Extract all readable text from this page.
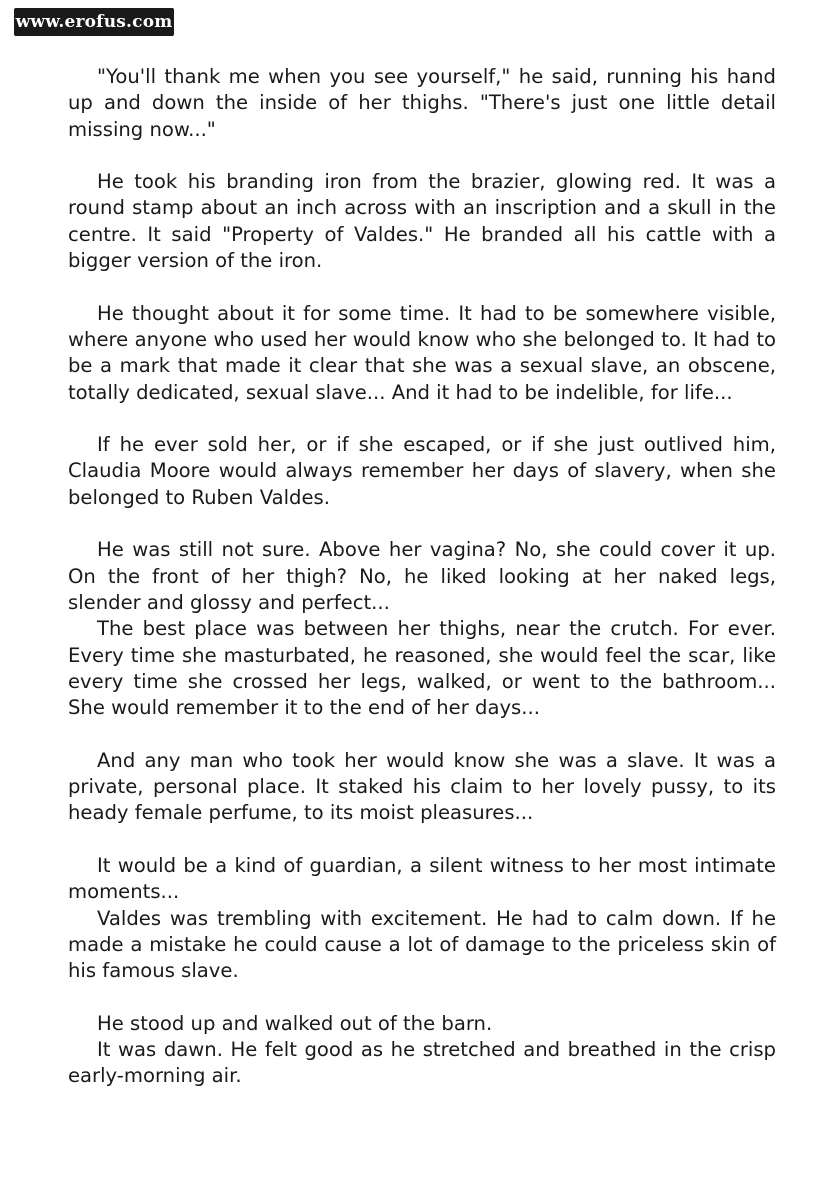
www.erofus.com

"You'll thank me when you see yourself," he said, running his hand up and down the inside of her thighs. "There's just one little detail missing now..."

He took his branding iron from the brazier, glowing red. It was a round stamp about an inch across with an inscription and a skull in the centre. It said "Property of Valdes." He branded all his cattle with a bigger version of the iron.

He thought about it for some time. It had to be somewhere visible, where anyone who used her would know who she belonged to. It had to be a mark that made it clear that she was a sexual slave, an obscene, totally dedicated, sexual slave... And it had to be indelible, for life...

If he ever sold her, or if she escaped, or if she just outlived him, Claudia Moore would always remember her days of slavery, when she belonged to Ruben Valdes.

He was still not sure. Above her vagina? No, she could cover it up. On the front of her thigh? No, he liked looking at her naked legs, slender and glossy and perfect...

The best place was between her thighs, near the crutch. For ever. Every time she masturbated, he reasoned, she would feel the scar, like every time she crossed her legs, walked, or went to the bathroom... She would remember it to the end of her days...

And any man who took her would know she was a slave. It was a private, personal place. It staked his claim to her lovely pussy, to its heady female perfume, to its moist pleasures...

It would be a kind of guardian, a silent witness to her most intimate moments...

Valdes was trembling with excitement. He had to calm down. If he made a mistake he could cause a lot of damage to the priceless skin of his famous slave.

He stood up and walked out of the barn.

It was dawn. He felt good as he stretched and breathed in the crisp early-morning air.
